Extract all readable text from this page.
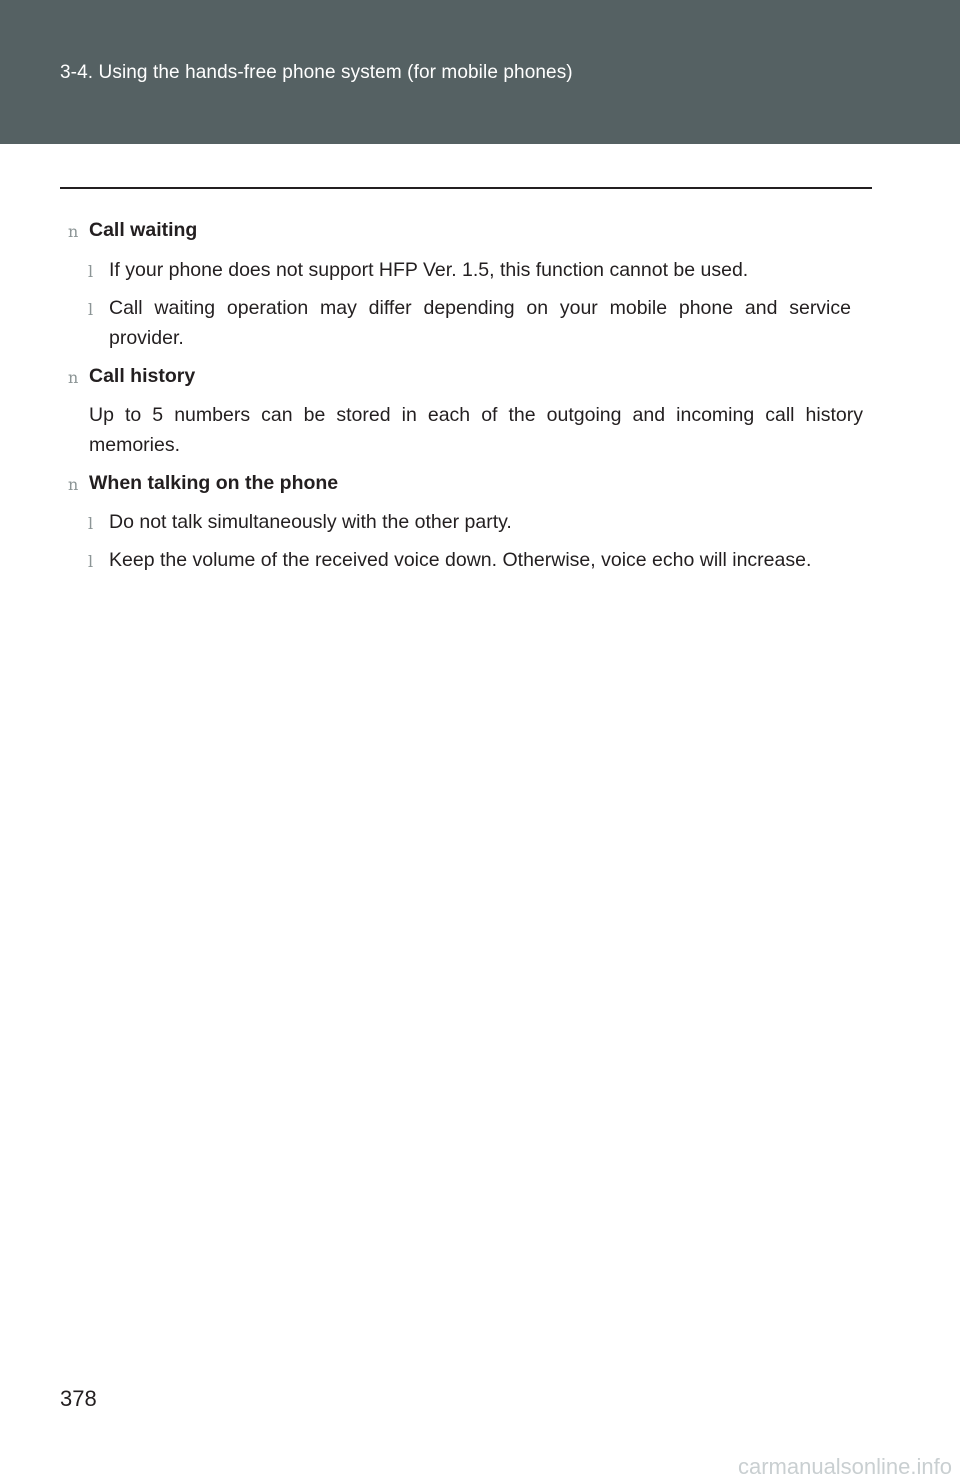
3-4. Using the hands-free phone system (for mobile phones)
n Call waiting
l If your phone does not support HFP Ver. 1.5, this function cannot be used.
l Call waiting operation may differ depending on your mobile phone and service provider.
n Call history
Up to 5 numbers can be stored in each of the outgoing and incoming call history memories.
n When talking on the phone
l Do not talk simultaneously with the other party.
l Keep the volume of the received voice down. Otherwise, voice echo will increase.
378
carmanualsonline.info
